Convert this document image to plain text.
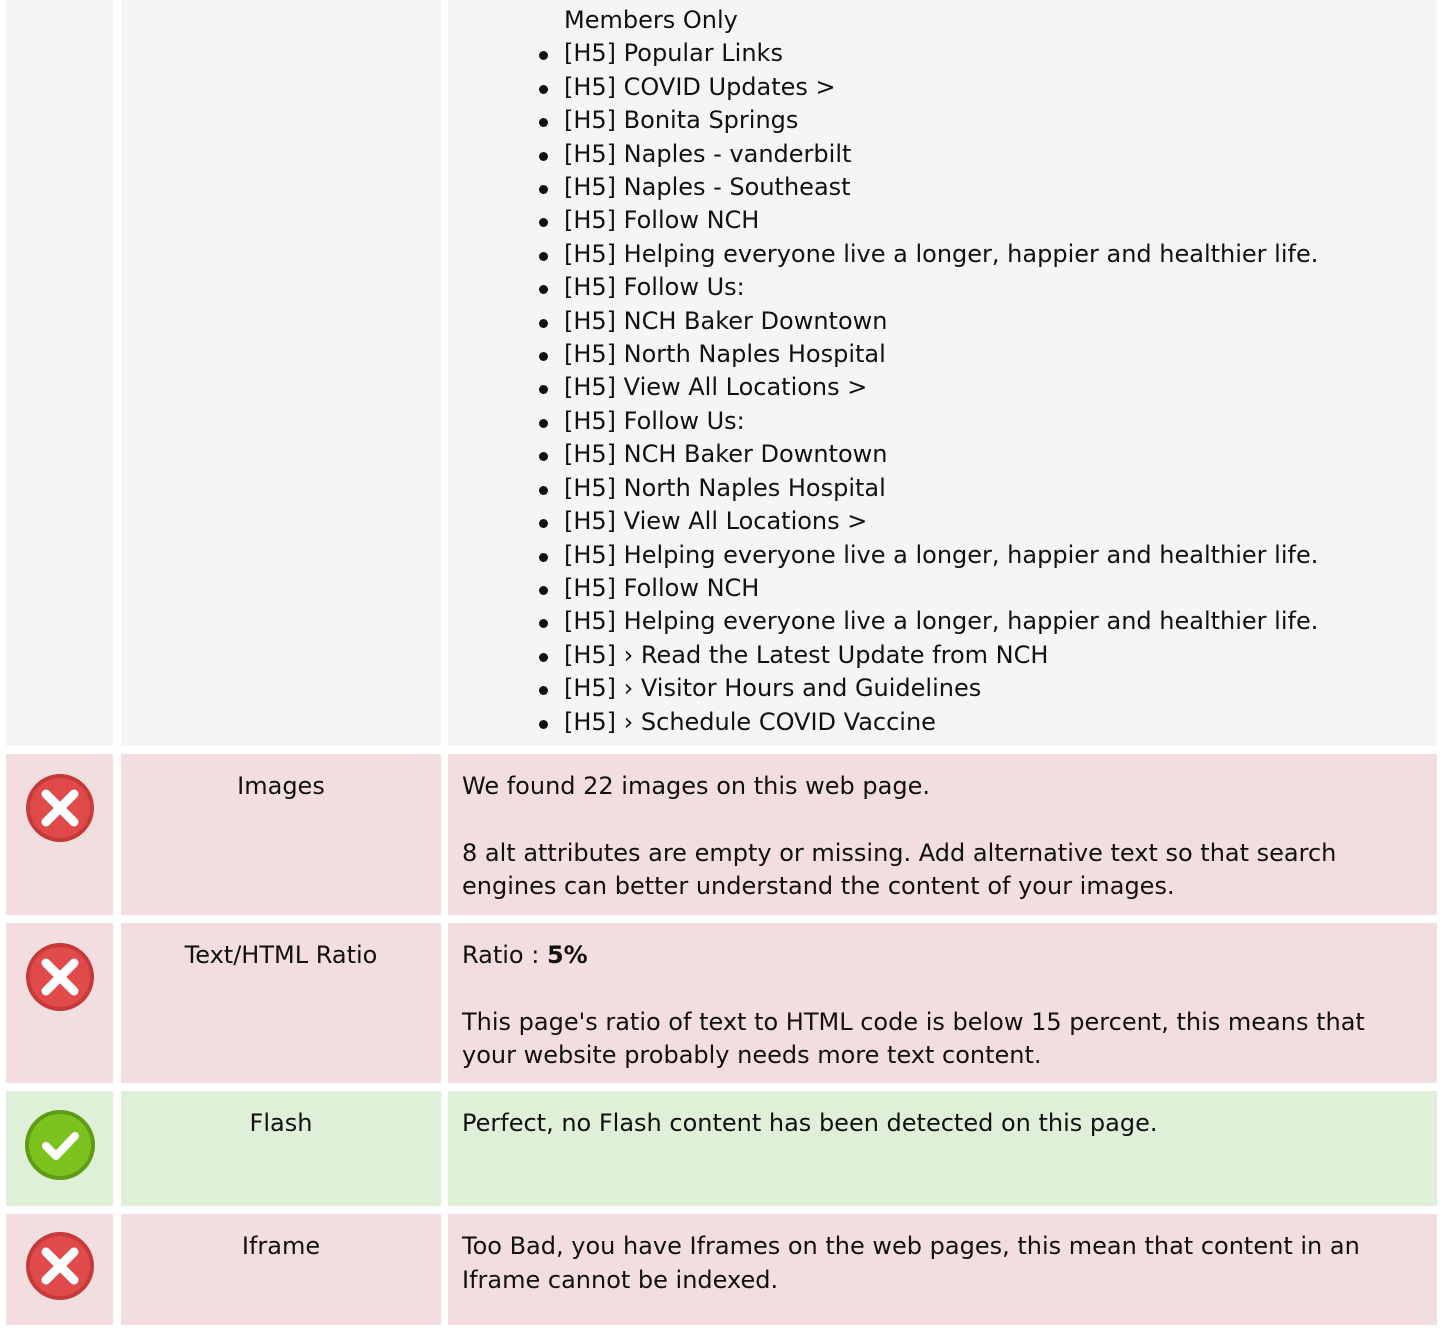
Members Only
[H5] Popular Links
[H5] COVID Updates >
[H5] Bonita Springs
[H5] Naples - vanderbilt
[H5] Naples - Southeast
[H5] Follow NCH
[H5] Helping everyone live a longer, happier and healthier life.
[H5] Follow Us:
[H5] NCH Baker Downtown
[H5] North Naples Hospital
[H5] View All Locations >
[H5] Follow Us:
[H5] NCH Baker Downtown
[H5] North Naples Hospital
[H5] View All Locations >
[H5] Helping everyone live a longer, happier and healthier life.
[H5] Follow NCH
[H5] Helping everyone live a longer, happier and healthier life.
[H5] › Read the Latest Update from NCH
[H5] › Visitor Hours and Guidelines
[H5] › Schedule COVID Vaccine
Images	We found 22 images on this web page.

8 alt attributes are empty or missing. Add alternative text so that search engines can better understand the content of your images.

Text/HTML Ratio	Ratio : 5%

This page's ratio of text to HTML code is below 15 percent, this means that your website probably needs more text content.

Flash	Perfect, no Flash content has been detected on this page.

Iframe	Too Bad, you have Iframes on the web pages, this mean that content in an Iframe cannot be indexed.
